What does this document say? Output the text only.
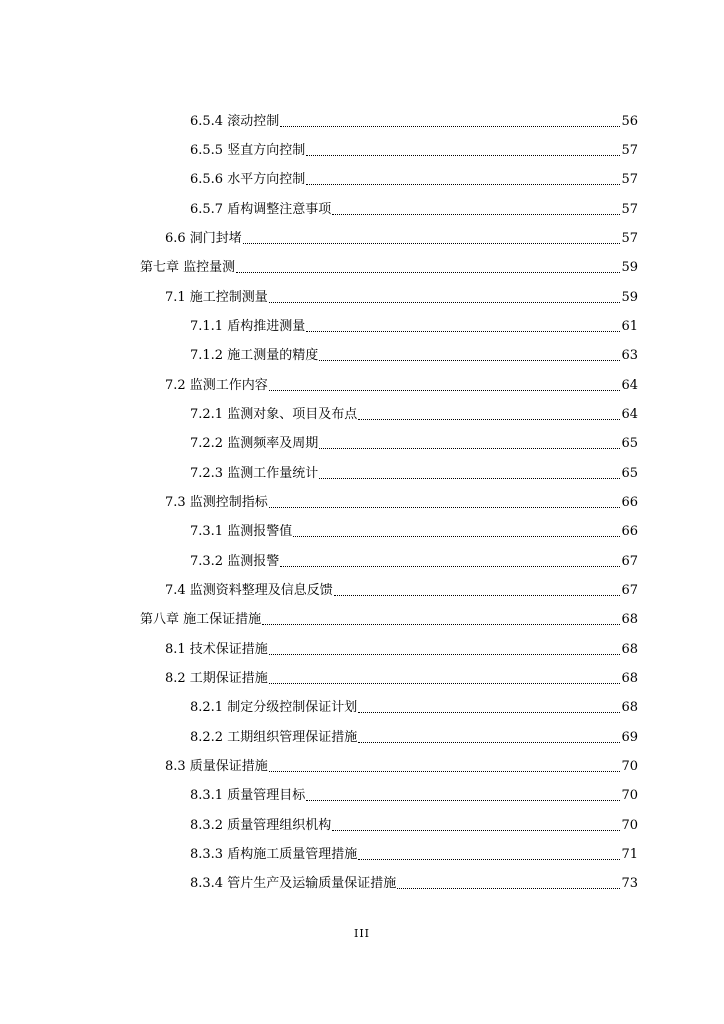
6.5.4 滚动控制	56
6.5.5 竖直方向控制	57
6.5.6 水平方向控制	57
6.5.7 盾构调整注意事项	57
6.6 洞门封堵	57
第七章 监控量测	59
7.1 施工控制测量	59
7.1.1 盾构推进测量	61
7.1.2 施工测量的精度	63
7.2 监测工作内容	64
7.2.1 监测对象、项目及布点	64
7.2.2 监测频率及周期	65
7.2.3 监测工作量统计	65
7.3 监测控制指标	66
7.3.1 监测报警值	66
7.3.2 监测报警	67
7.4 监测资料整理及信息反馈	67
第八章 施工保证措施	68
8.1 技术保证措施	68
8.2 工期保证措施	68
8.2.1 制定分级控制保证计划	68
8.2.2 工期组织管理保证措施	69
8.3 质量保证措施	70
8.3.1 质量管理目标	70
8.3.2 质量管理组织机构	70
8.3.3 盾构施工质量管理措施	71
8.3.4 管片生产及运输质量保证措施	73
III
